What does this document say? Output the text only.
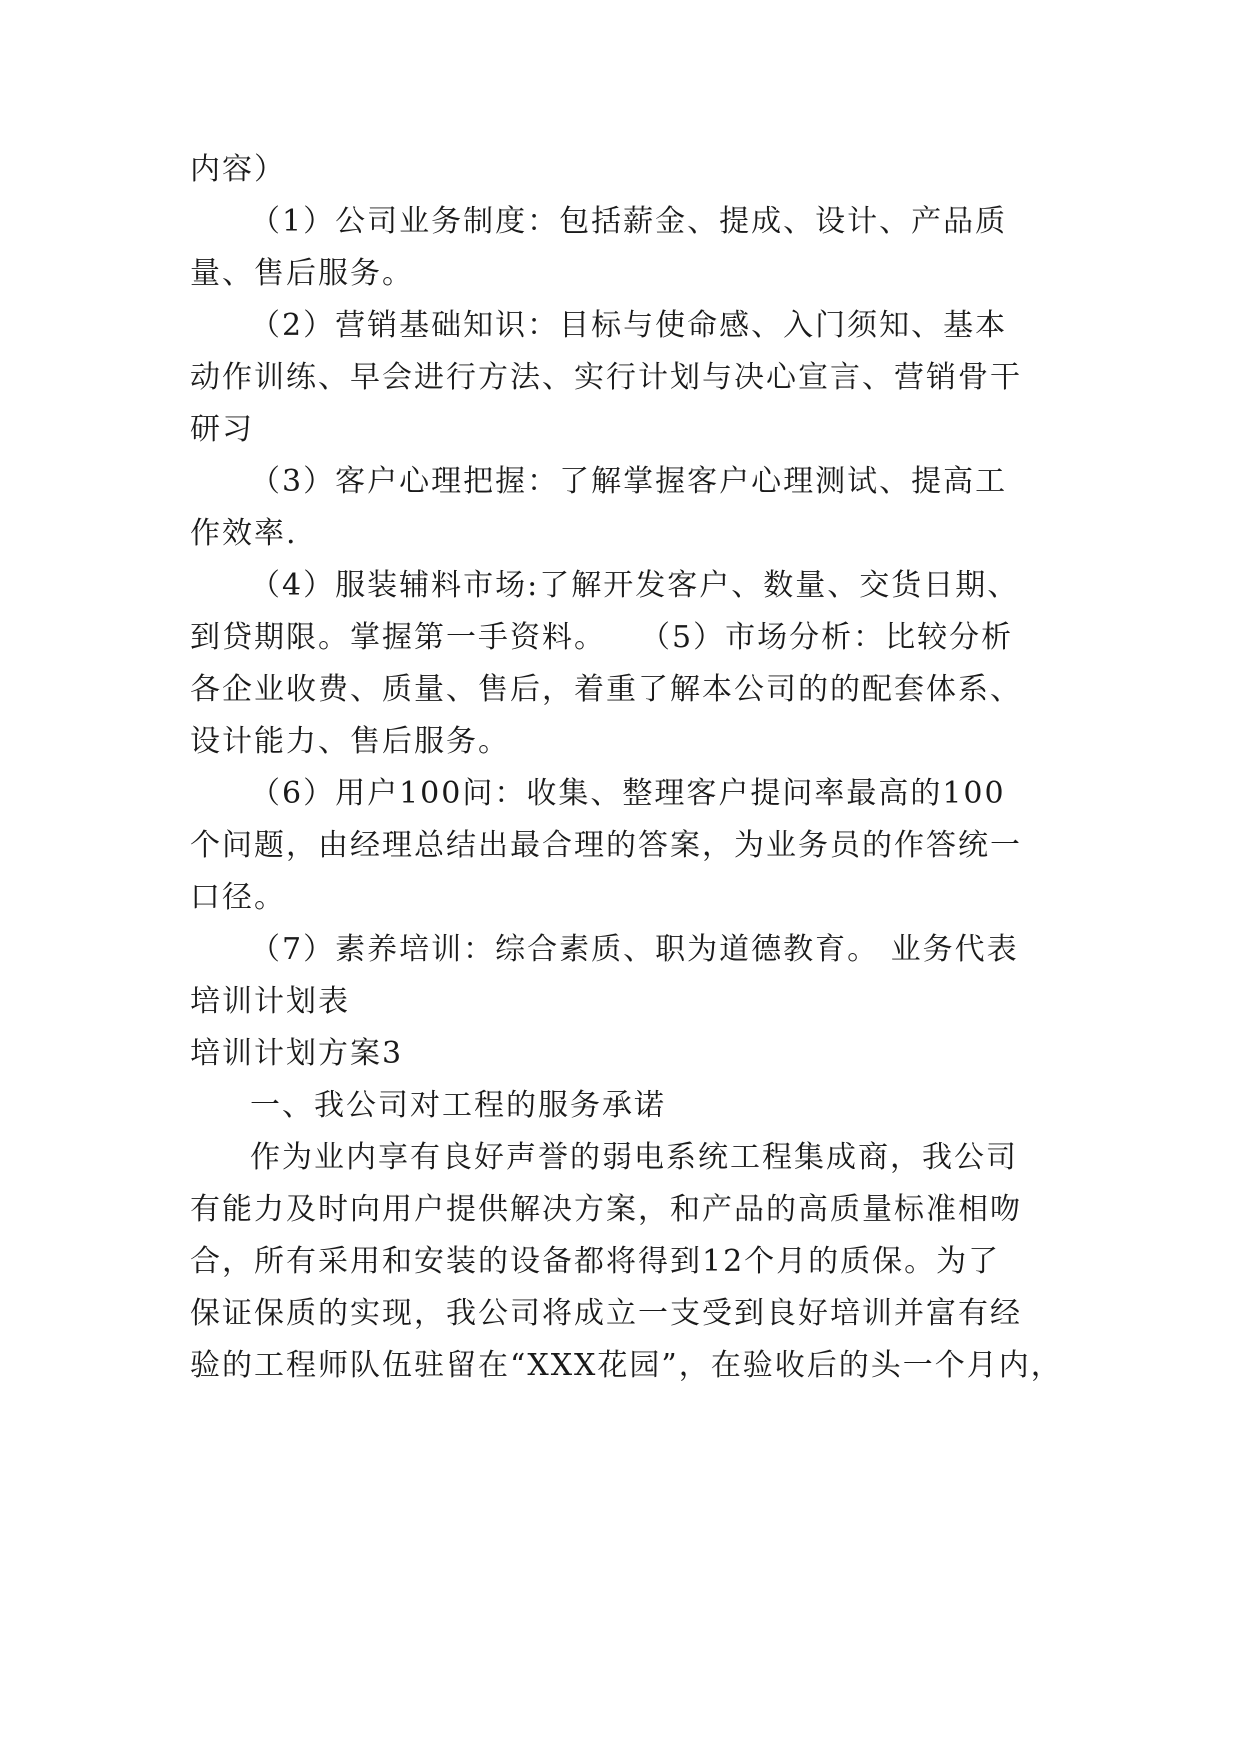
内容）
（1）公司业务制度：包括薪金、提成、设计、产品质
量、售后服务。
（2）营销基础知识：目标与使命感、入门须知、基本
动作训练、早会进行方法、实行计划与决心宣言、营销骨干
研习
（3）客户心理把握：了解掌握客户心理测试、提高工
作效率.
（4）服装辅料市场:了解开发客户、数量、交货日期、
到贷期限。掌握第一手资料。　　（5）市场分析：比较分析
各企业收费、质量、售后，着重了解本公司的的配套体系、
设计能力、售后服务。
（6）用户100问：收集、整理客户提问率最高的100
个问题，由经理总结出最合理的答案，为业务员的作答统一
口径。
（7）素养培训：综合素质、职为道德教育。 业务代表
培训计划表
培训计划方案3
一、我公司对工程的服务承诺
作为业内享有良好声誉的弱电系统工程集成商，我公司
有能力及时向用户提供解决方案，和产品的高质量标准相吻
合，所有采用和安装的设备都将得到12个月的质保。为了
保证保质的实现，我公司将成立一支受到良好培训并富有经
验的工程师队伍驻留在“XXX花园”，在验收后的头一个月内，
